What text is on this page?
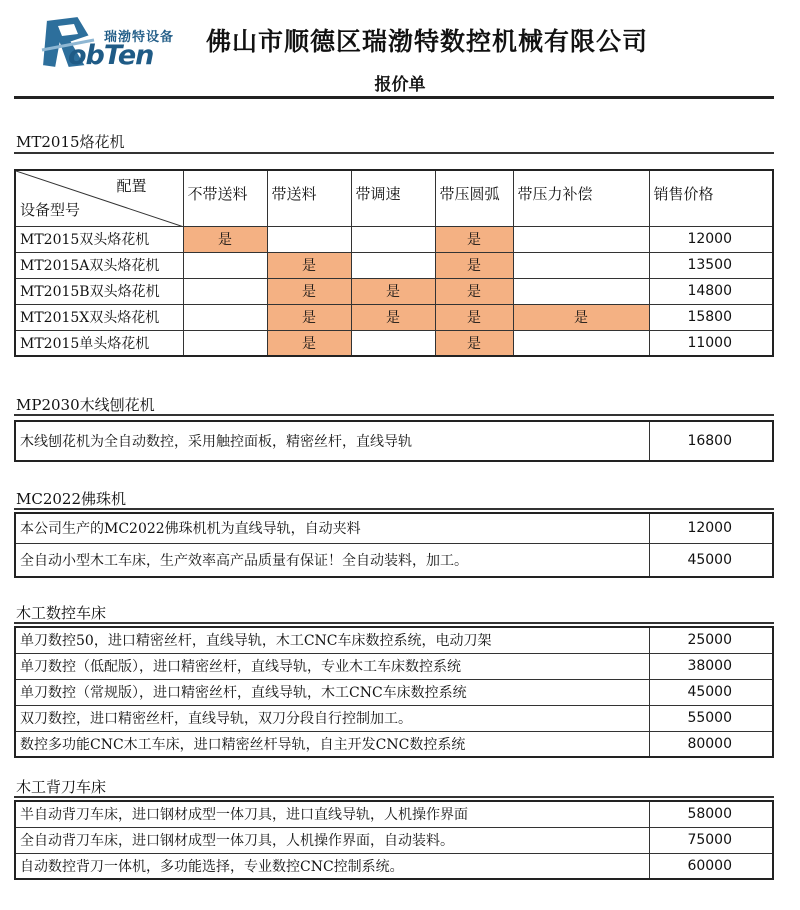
瑞渤特设备
obTen 佛山市顺德区瑞渤特数控机械有限公司
报价单
MT2015烙花机
配置
设备型号	不带送料	带送料	带调速	带压圆弧	带压力补偿	销售价格
MT2015双头烙花机	是			是		12000
MT2015A双头烙花机		是		是		13500
MT2015B双头烙花机		是	是	是		14800
MT2015X双头烙花机		是	是	是	是	15800
MT2015单头烙花机		是		是		11000
MP2030木线刨花机
木线刨花机为全自动数控，采用触控面板，精密丝杆，直线导轨	16800
MC2022佛珠机
本公司生产的MC2022佛珠机机为直线导轨，自动夹料	12000
全自动小型木工车床，生产效率高产品质量有保证！全自动装料，加工。	45000
木工数控车床
单刀数控50，进口精密丝杆，直线导轨，木工CNC车床数控系统，电动刀架	25000
单刀数控（低配版），进口精密丝杆，直线导轨，专业木工车床数控系统	38000
单刀数控（常规版），进口精密丝杆，直线导轨，木工CNC车床数控系统	45000
双刀数控，进口精密丝杆，直线导轨，双刀分段自行控制加工。	55000
数控多功能CNC木工车床，进口精密丝杆导轨，自主开发CNC数控系统	80000
木工背刀车床
半自动背刀车床，进口钢材成型一体刀具，进口直线导轨，人机操作界面	58000
全自动背刀车床，进口钢材成型一体刀具，人机操作界面，自动装料。	75000
自动数控背刀一体机，多功能选择，专业数控CNC控制系统。	60000
